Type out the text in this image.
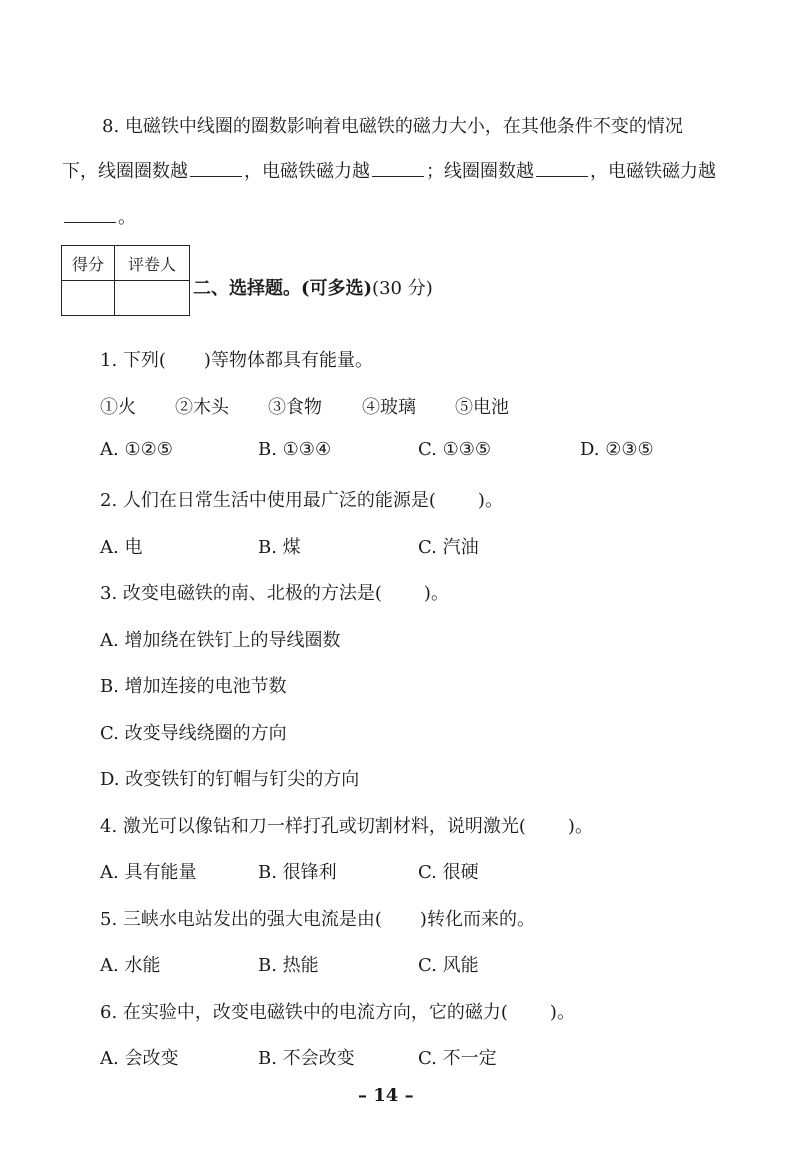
8. 电磁铁中线圈的圈数影响着电磁铁的磁力大小，在其他条件不变的情况
下，线圈圈数越	，电磁铁磁力越	；线圈圈数越	，电磁铁磁力越
。
得分	评卷人

二、选择题。(可多选)(30 分)
1. 下列( )等物体都具有能量。
①火 ②木头 ③食物 ④玻璃 ⑤电池
A. ①②⑤	B. ①③④	C. ①③⑤	D. ②③⑤
2. 人们在日常生活中使用最广泛的能源是( )。
A. 电	B. 煤	C. 汽油
3. 改变电磁铁的南、北极的方法是( )。
A. 增加绕在铁钉上的导线圈数
B. 增加连接的电池节数
C. 改变导线绕圈的方向
D. 改变铁钉的钉帽与钉尖的方向
4. 激光可以像钻和刀一样打孔或切割材料，说明激光( )。
A. 具有能量	B. 很锋利	C. 很硬
5. 三峡水电站发出的强大电流是由( )转化而来的。
A. 水能	B. 热能	C. 风能
6. 在实验中，改变电磁铁中的电流方向，它的磁力( )。
A. 会改变	B. 不会改变	C. 不一定
– 14 –
